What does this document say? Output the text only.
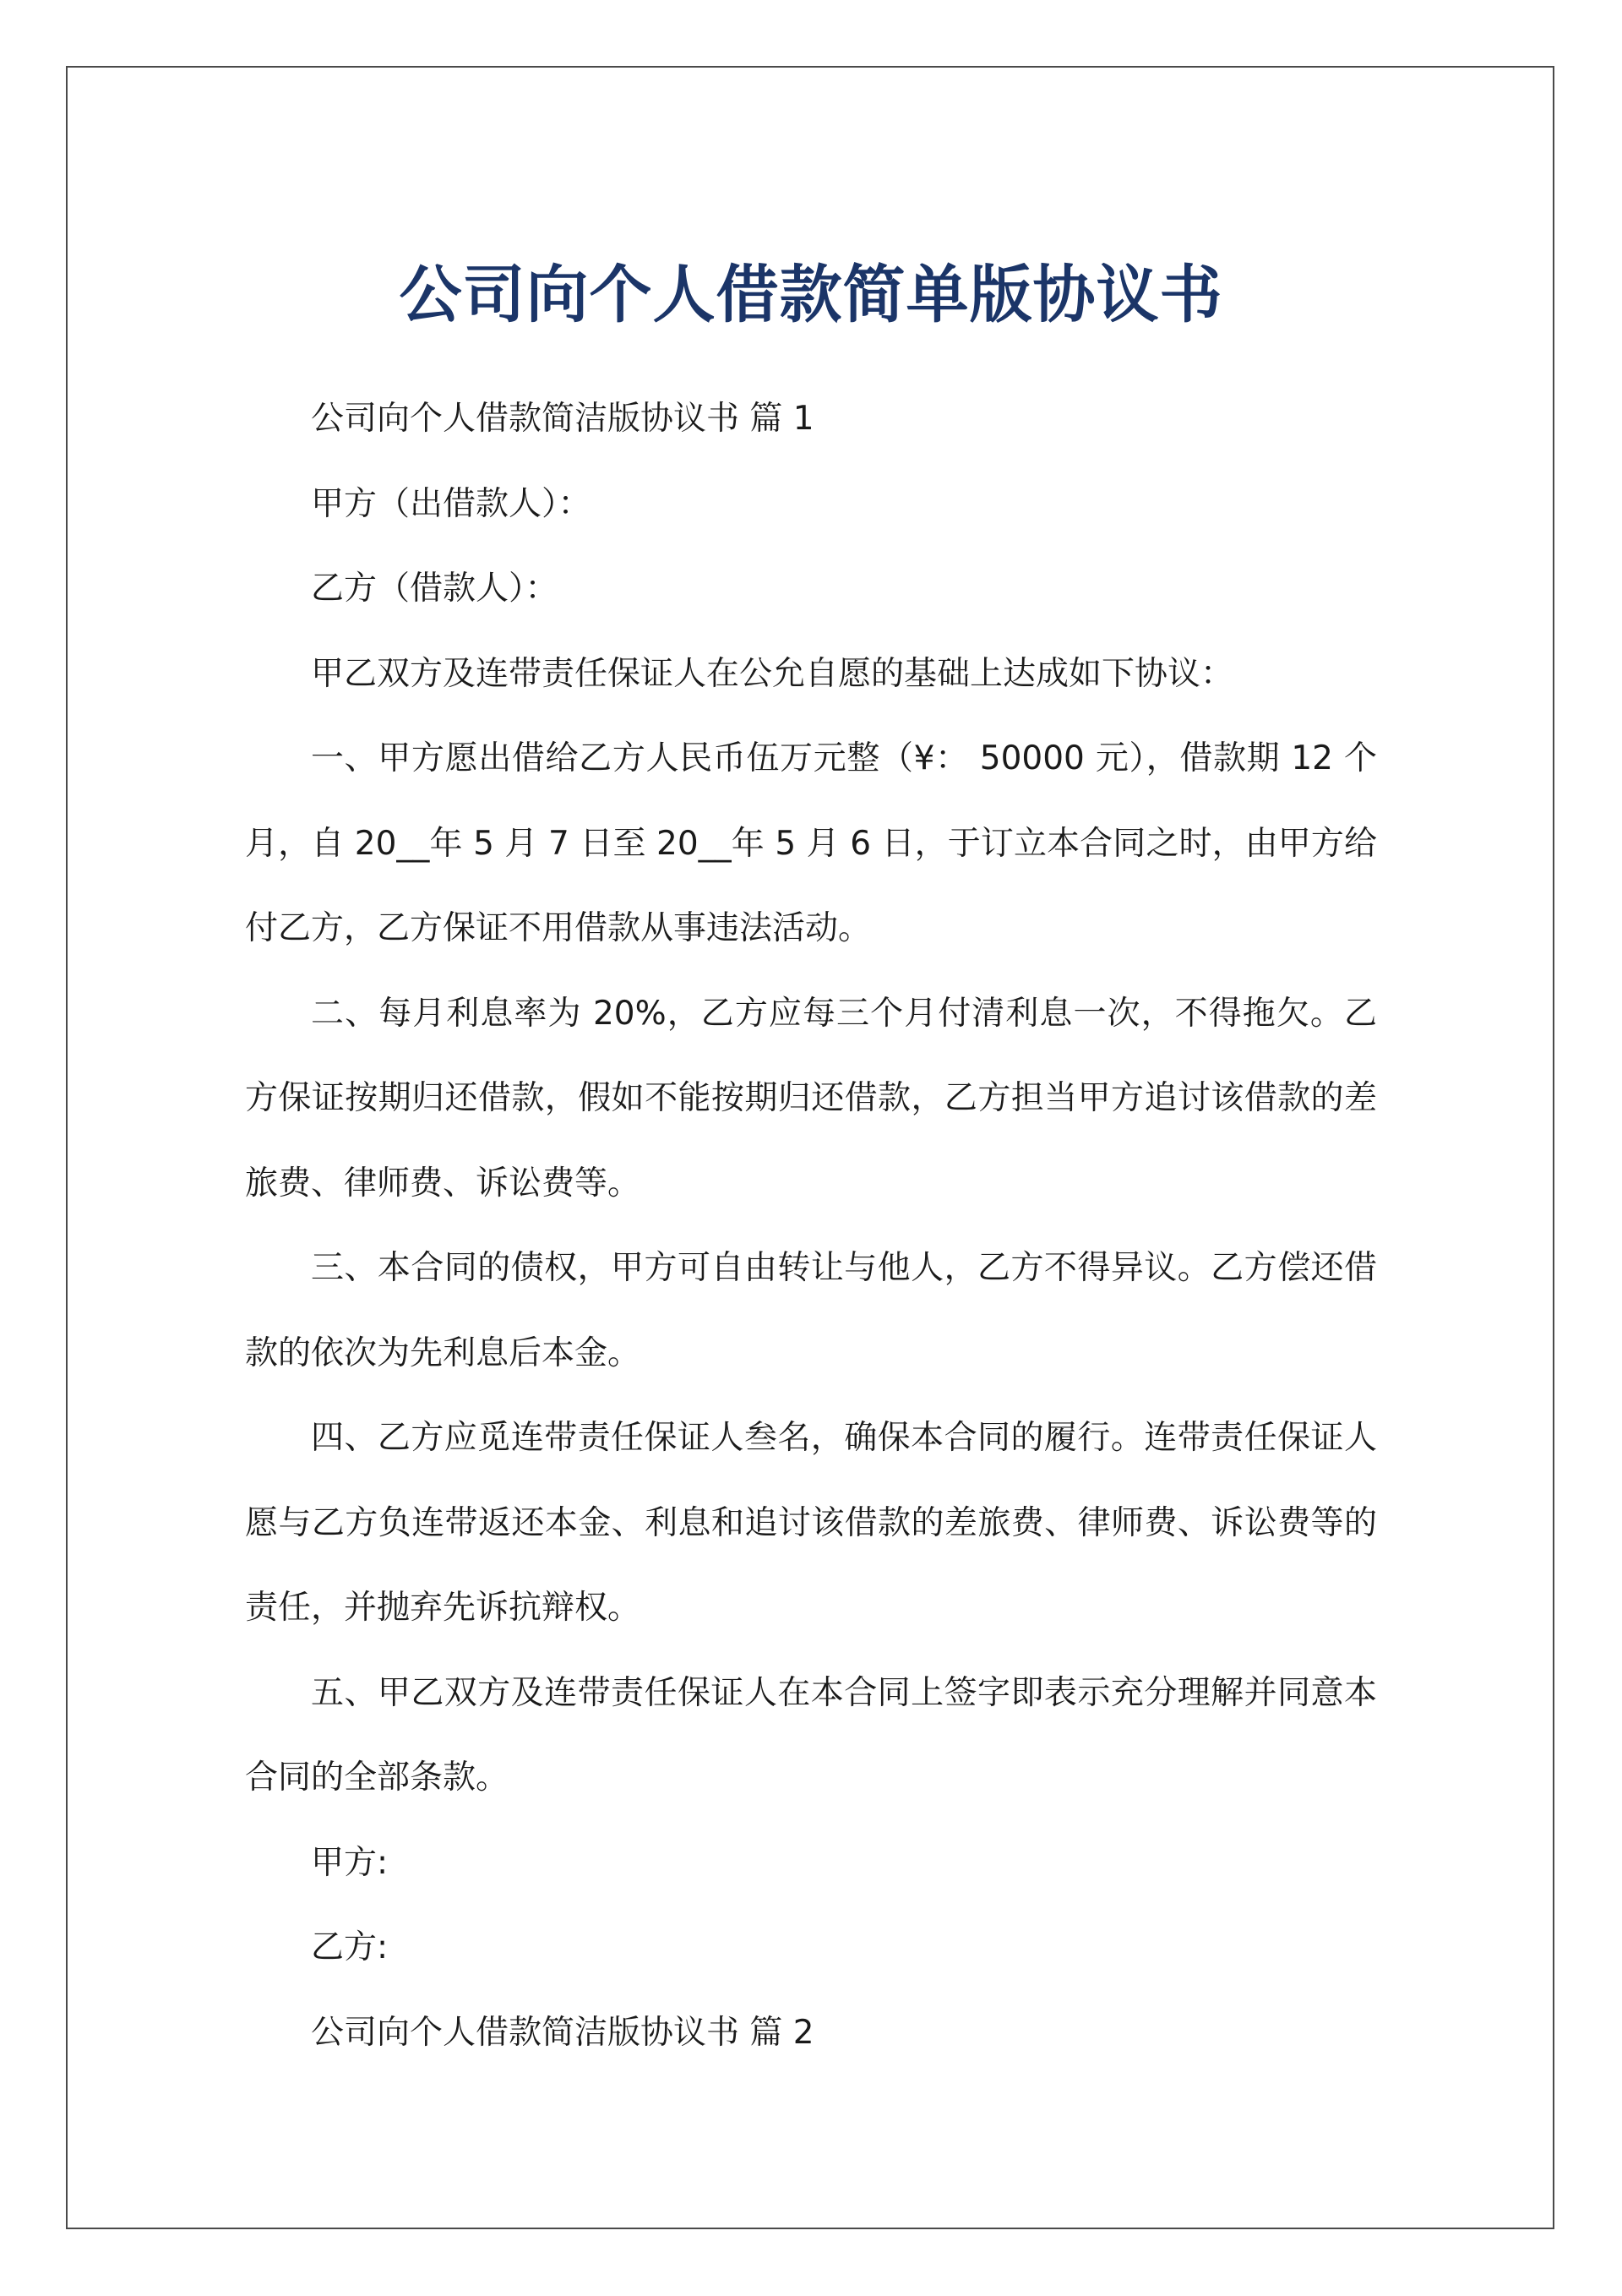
公司向个人借款简单版协议书

公司向个人借款简洁版协议书 篇 1

甲方（出借款人）：

乙方（借款人）：

甲乙双方及连带责任保证人在公允自愿的基础上达成如下协议：

一、甲方愿出借给乙方人民币伍万元整（¥： 50000 元），借款期 12 个月，自 20__年 5 月 7 日至 20__年 5 月 6 日，于订立本合同之时，由甲方给付乙方，乙方保证不用借款从事违法活动。

二、每月利息率为 20%，乙方应每三个月付清利息一次，不得拖欠。乙方保证按期归还借款，假如不能按期归还借款，乙方担当甲方追讨该借款的差旅费、律师费、诉讼费等。

三、本合同的债权，甲方可自由转让与他人，乙方不得异议。乙方偿还借款的依次为先利息后本金。

四、乙方应觅连带责任保证人叁名，确保本合同的履行。连带责任保证人愿与乙方负连带返还本金、利息和追讨该借款的差旅费、律师费、诉讼费等的责任，并抛弃先诉抗辩权。

五、甲乙双方及连带责任保证人在本合同上签字即表示充分理解并同意本合同的全部条款。

甲方:

乙方:

公司向个人借款简洁版协议书 篇 2
